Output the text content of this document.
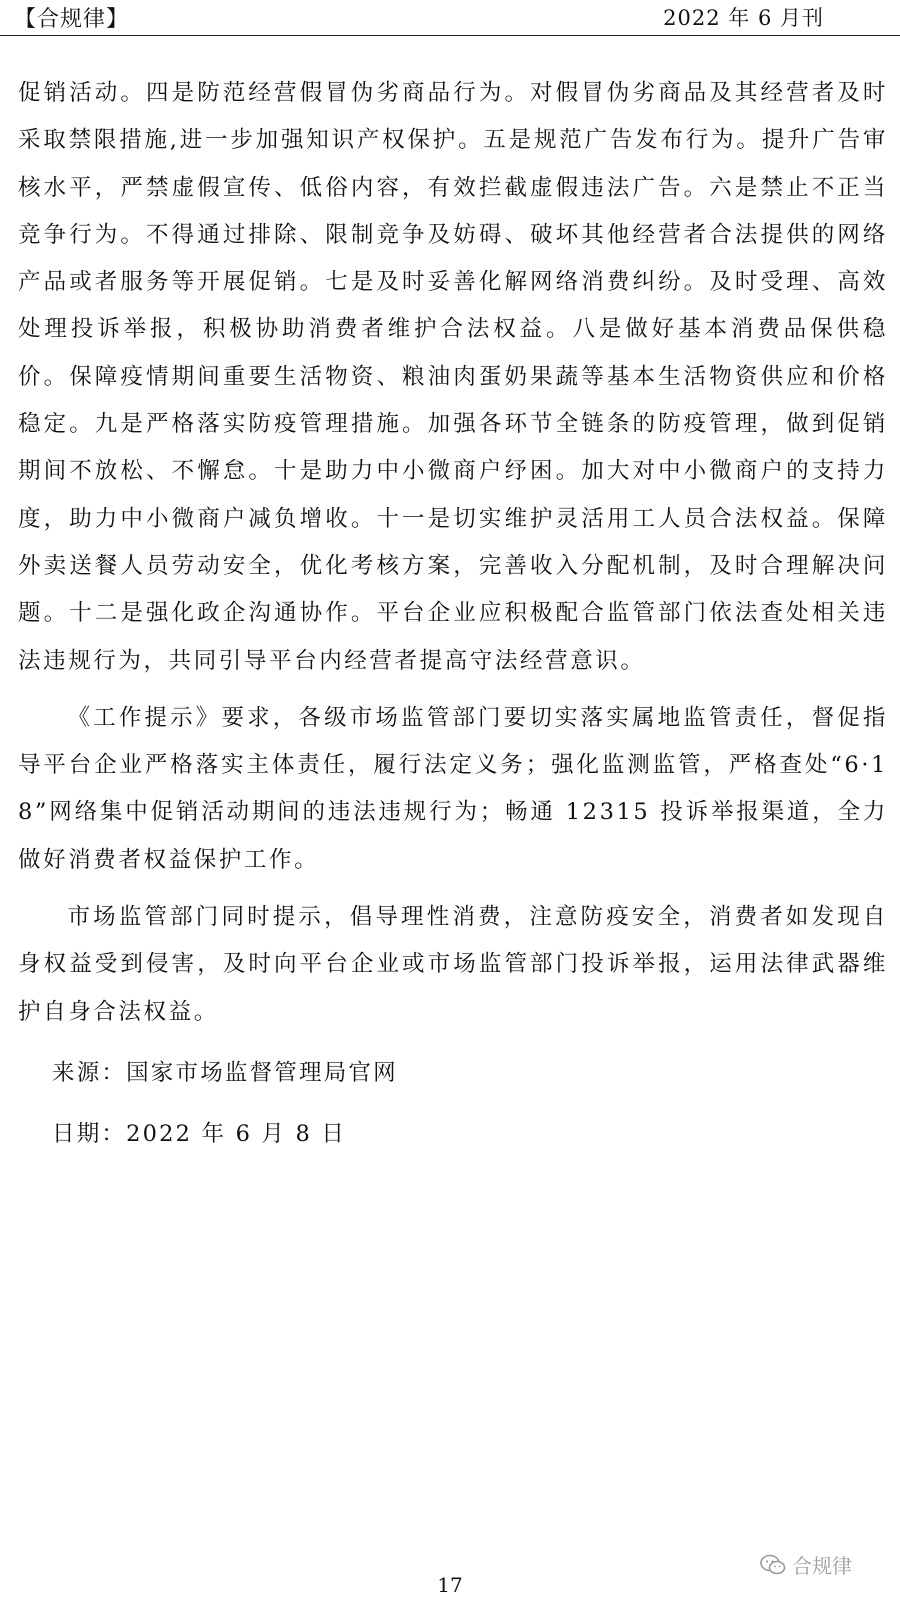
【合规律】	2022 年 6 月刊

促销活动。四是防范经营假冒伪劣商品行为。对假冒伪劣商品及其经营者及时采取禁限措施,进一步加强知识产权保护。五是规范广告发布行为。提升广告审核水平，严禁虚假宣传、低俗内容，有效拦截虚假违法广告。六是禁止不正当竞争行为。不得通过排除、限制竞争及妨碍、破坏其他经营者合法提供的网络产品或者服务等开展促销。七是及时妥善化解网络消费纠纷。及时受理、高效处理投诉举报，积极协助消费者维护合法权益。八是做好基本消费品保供稳价。保障疫情期间重要生活物资、粮油肉蛋奶果蔬等基本生活物资供应和价格稳定。九是严格落实防疫管理措施。加强各环节全链条的防疫管理，做到促销期间不放松、不懈怠。十是助力中小微商户纾困。加大对中小微商户的支持力度，助力中小微商户减负增收。十一是切实维护灵活用工人员合法权益。保障外卖送餐人员劳动安全，优化考核方案，完善收入分配机制，及时合理解决问题。十二是强化政企沟通协作。平台企业应积极配合监管部门依法查处相关违法违规行为，共同引导平台内经营者提高守法经营意识。

《工作提示》要求，各级市场监管部门要切实落实属地监管责任，督促指导平台企业严格落实主体责任，履行法定义务；强化监测监管，严格查处“6·18”网络集中促销活动期间的违法违规行为；畅通 12315 投诉举报渠道，全力做好消费者权益保护工作。

市场监管部门同时提示，倡导理性消费，注意防疫安全，消费者如发现自身权益受到侵害，及时向平台企业或市场监管部门投诉举报，运用法律武器维护自身合法权益。

来源：国家市场监督管理局官网

日期：2022 年 6 月 8 日

合规律
17
